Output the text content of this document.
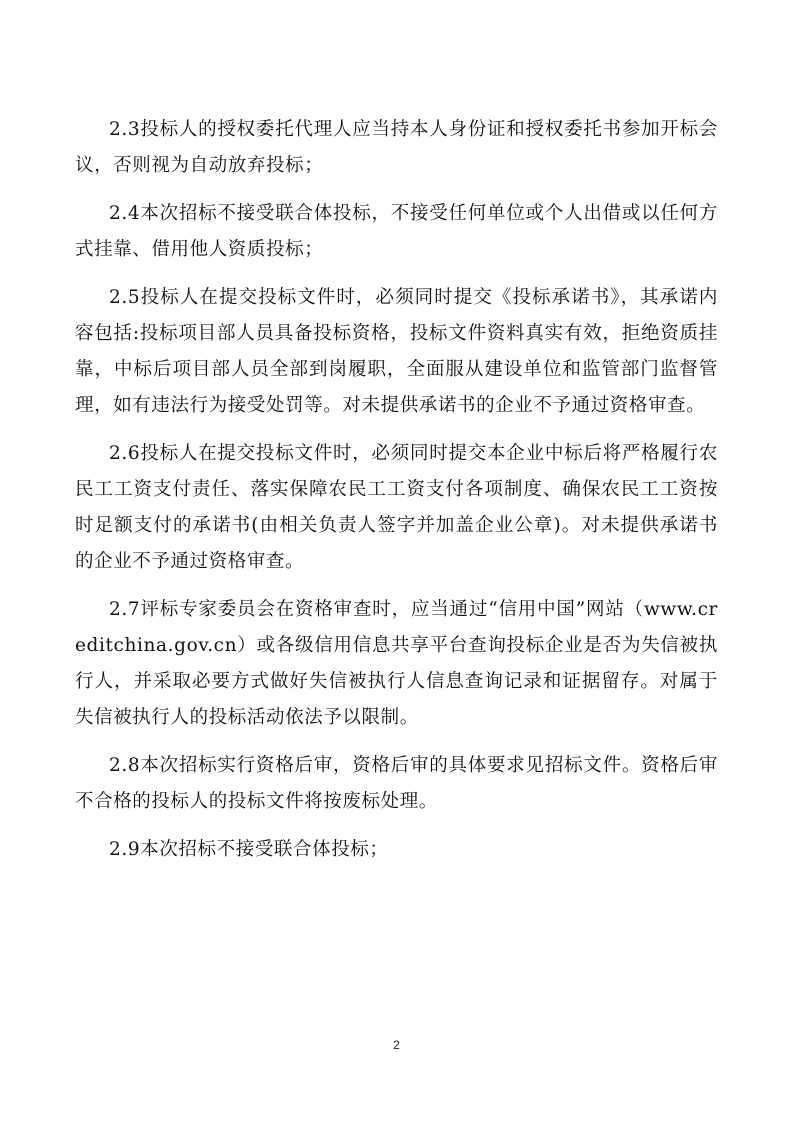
2.3投标人的授权委托代理人应当持本人身份证和授权委托书参加开标会议，否则视为自动放弃投标；

2.4本次招标不接受联合体投标，不接受任何单位或个人出借或以任何方式挂靠、借用他人资质投标；

2.5投标人在提交投标文件时，必须同时提交《投标承诺书》，其承诺内容包括:投标项目部人员具备投标资格，投标文件资料真实有效，拒绝资质挂靠，中标后项目部人员全部到岗履职，全面服从建设单位和监管部门监督管理，如有违法行为接受处罚等。对未提供承诺书的企业不予通过资格审查。

2.6投标人在提交投标文件时，必须同时提交本企业中标后将严格履行农民工工资支付责任、落实保障农民工工资支付各项制度、确保农民工工资按时足额支付的承诺书(由相关负责人签字并加盖企业公章)。对未提供承诺书的企业不予通过资格审查。

2.7评标专家委员会在资格审查时，应当通过“信用中国”网站（www.creditchina.gov.cn）或各级信用信息共享平台查询投标企业是否为失信被执行人，并采取必要方式做好失信被执行人信息查询记录和证据留存。对属于失信被执行人的投标活动依法予以限制。

2.8本次招标实行资格后审，资格后审的具体要求见招标文件。资格后审不合格的投标人的投标文件将按废标处理。

2.9本次招标不接受联合体投标；

2
